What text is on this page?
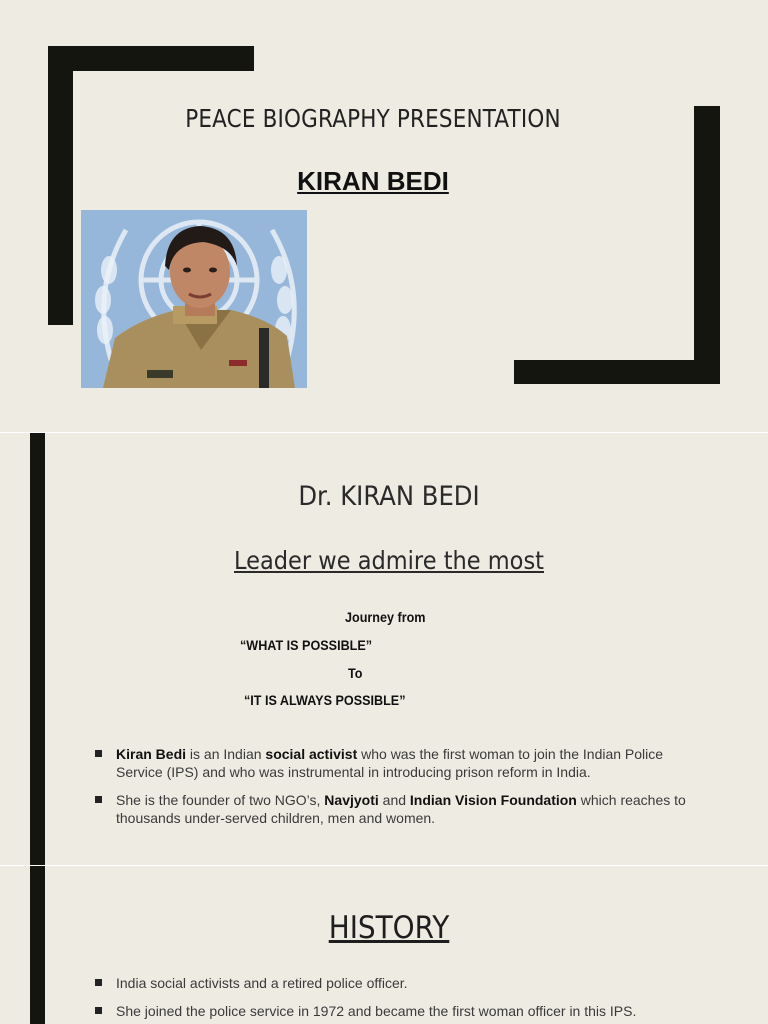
PEACE BIOGRAPHY PRESENTATION
KIRAN BEDI
Dr. KIRAN BEDI
Leader we admire the most
Journey from
“WHAT IS POSSIBLE”
To
“IT IS ALWAYS POSSIBLE”
Kiran Bedi is an Indian social activist who was the first woman to join the Indian Police Service (IPS) and who was instrumental in introducing prison reform in India.
She is the founder of two NGO’s, Navjyoti and Indian Vision Foundation which reaches to thousands under-served children, men and women.
HISTORY
India social activists and a retired police officer.
She joined the police service in 1972 and became the first woman officer in this IPS.
